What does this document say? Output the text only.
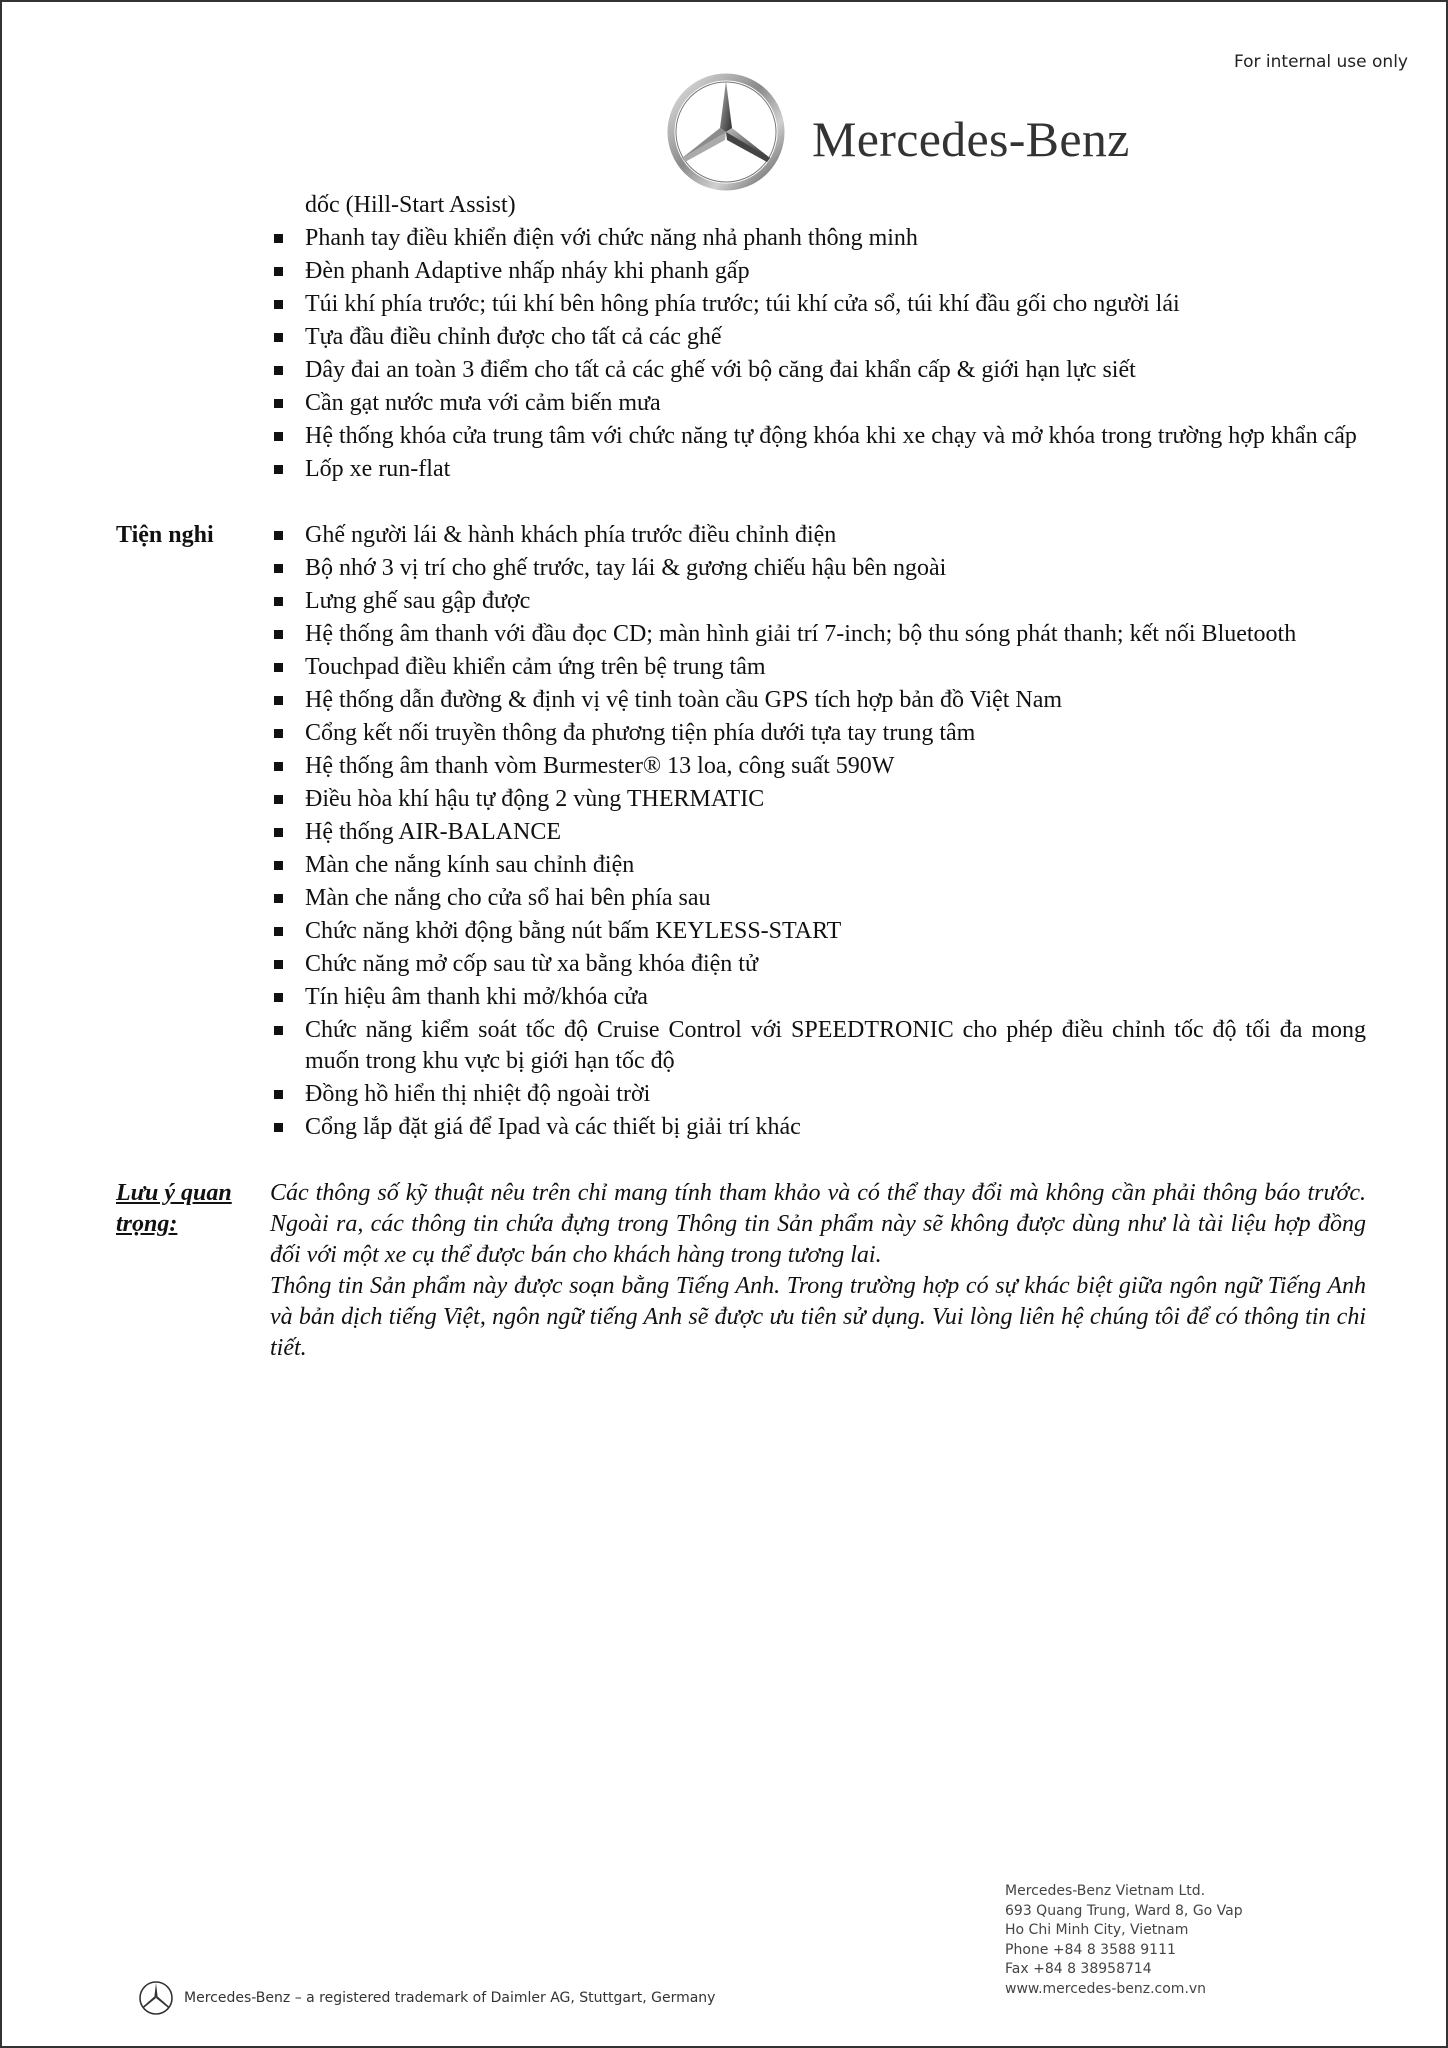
For internal use only
Mercedes-Benz
dốc (Hill-Start Assist)
Phanh tay điều khiển điện với chức năng nhả phanh thông minh
Đèn phanh Adaptive nhấp nháy khi phanh gấp
Túi khí phía trước; túi khí bên hông phía trước; túi khí cửa sổ, túi khí đầu gối cho người lái
Tựa đầu điều chỉnh được cho tất cả các ghế
Dây đai an toàn 3 điểm cho tất cả các ghế với bộ căng đai khẩn cấp & giới hạn lực siết
Cần gạt nước mưa với cảm biến mưa
Hệ thống khóa cửa trung tâm với chức năng tự động khóa khi xe chạy và mở khóa trong trường hợp khẩn cấp
Lốp xe run-flat
Tiện nghi	Ghế người lái & hành khách phía trước điều chỉnh điện
Bộ nhớ 3 vị trí cho ghế trước, tay lái & gương chiếu hậu bên ngoài
Lưng ghế sau gập được
Hệ thống âm thanh với đầu đọc CD; màn hình giải trí 7-inch; bộ thu sóng phát thanh; kết nối Bluetooth
Touchpad điều khiển cảm ứng trên bệ trung tâm
Hệ thống dẫn đường & định vị vệ tinh toàn cầu GPS tích hợp bản đồ Việt Nam
Cổng kết nối truyền thông đa phương tiện phía dưới tựa tay trung tâm
Hệ thống âm thanh vòm Burmester® 13 loa, công suất 590W
Điều hòa khí hậu tự động 2 vùng THERMATIC
Hệ thống AIR-BALANCE
Màn che nắng kính sau chỉnh điện
Màn che nắng cho cửa sổ hai bên phía sau
Chức năng khởi động bằng nút bấm KEYLESS-START
Chức năng mở cốp sau từ xa bằng khóa điện tử
Tín hiệu âm thanh khi mở/khóa cửa
Chức năng kiểm soát tốc độ Cruise Control với SPEEDTRONIC cho phép điều chỉnh tốc độ tối đa mong muốn trong khu vực bị giới hạn tốc độ
Đồng hồ hiển thị nhiệt độ ngoài trời
Cổng lắp đặt giá để Ipad và các thiết bị giải trí khác
Lưu ý quan trọng:

Các thông số kỹ thuật nêu trên chỉ mang tính tham khảo và có thể thay đổi mà không cần phải thông báo trước. Ngoài ra, các thông tin chứa đựng trong Thông tin Sản phẩm này sẽ không được dùng như là tài liệu hợp đồng đối với một xe cụ thể được bán cho khách hàng trong tương lai.

Thông tin Sản phẩm này được soạn bằng Tiếng Anh. Trong trường hợp có sự khác biệt giữa ngôn ngữ Tiếng Anh và bản dịch tiếng Việt, ngôn ngữ tiếng Anh sẽ được ưu tiên sử dụng. Vui lòng liên hệ chúng tôi để có thông tin chi tiết.

Mercedes-Benz Vietnam Ltd.
693 Quang Trung, Ward 8, Go Vap
Ho Chi Minh City, Vietnam
Phone +84 8 3588 9111
Fax +84 8 38958714
www.mercedes-benz.com.vn
Mercedes-Benz – a registered trademark of Daimler AG, Stuttgart, Germany
